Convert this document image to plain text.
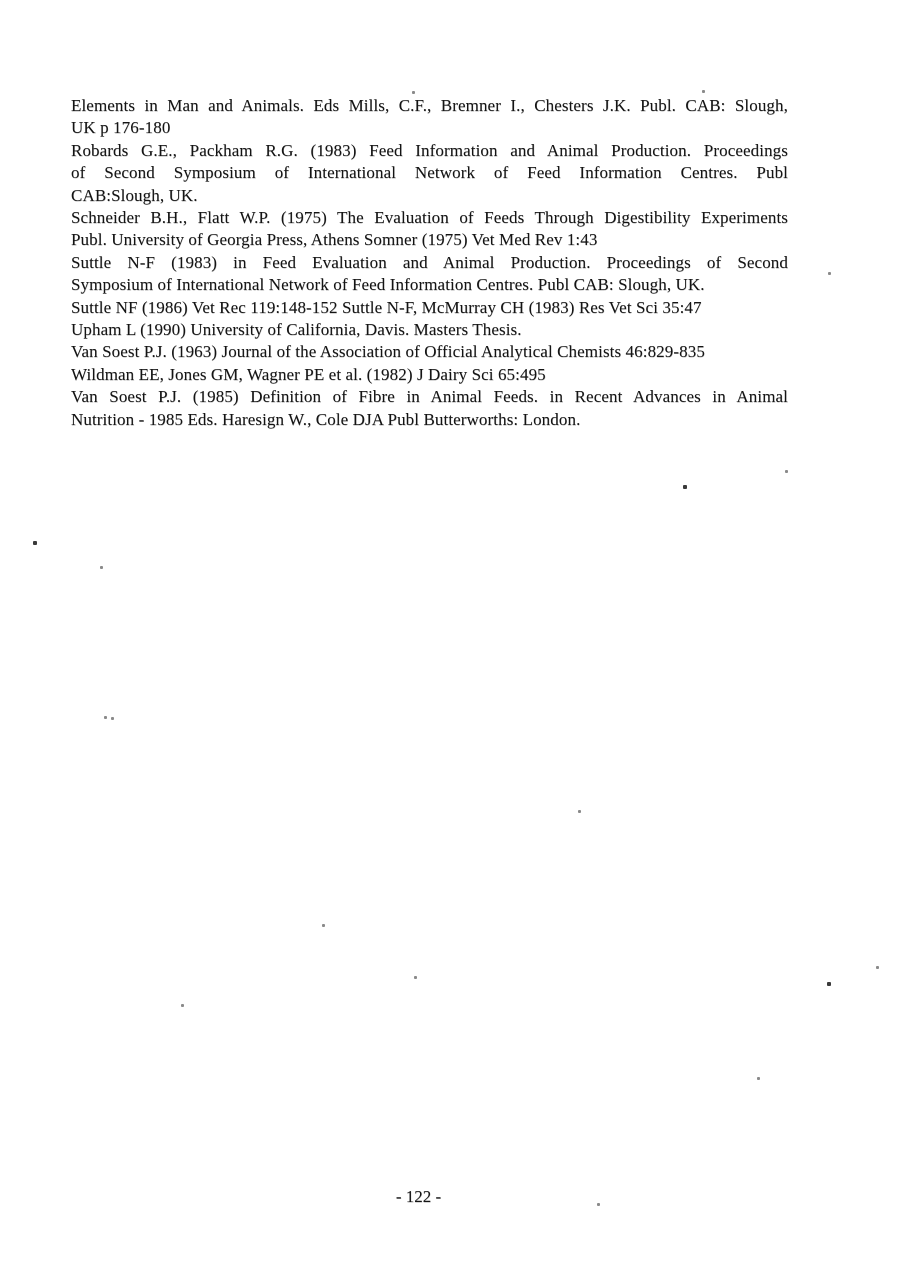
Elements in Man and Animals. Eds Mills, C.F., Bremner I., Chesters J.K. Publ. CAB: Slough,
UK p 176-180
Robards G.E., Packham R.G. (1983) Feed Information and Animal Production. Proceedings
of Second Symposium of International Network of Feed Information Centres. Publ
CAB:Slough, UK.
Schneider B.H., Flatt W.P. (1975) The Evaluation of Feeds Through Digestibility Experiments
Publ. University of Georgia Press, Athens Somner (1975) Vet Med Rev 1:43
Suttle N-F (1983) in Feed Evaluation and Animal Production. Proceedings of Second
Symposium of International Network of Feed Information Centres. Publ CAB: Slough, UK.
Suttle NF (1986) Vet Rec 119:148-152 Suttle N-F, McMurray CH (1983) Res Vet Sci 35:47
Upham L (1990) University of California, Davis. Masters Thesis.
Van Soest P.J. (1963) Journal of the Association of Official Analytical Chemists 46:829-835
Wildman EE, Jones GM, Wagner PE et al. (1982) J Dairy Sci 65:495
Van Soest P.J. (1985) Definition of Fibre in Animal Feeds. in Recent Advances in Animal
Nutrition - 1985 Eds. Haresign W., Cole DJA Publ Butterworths: London.
- 122 -
